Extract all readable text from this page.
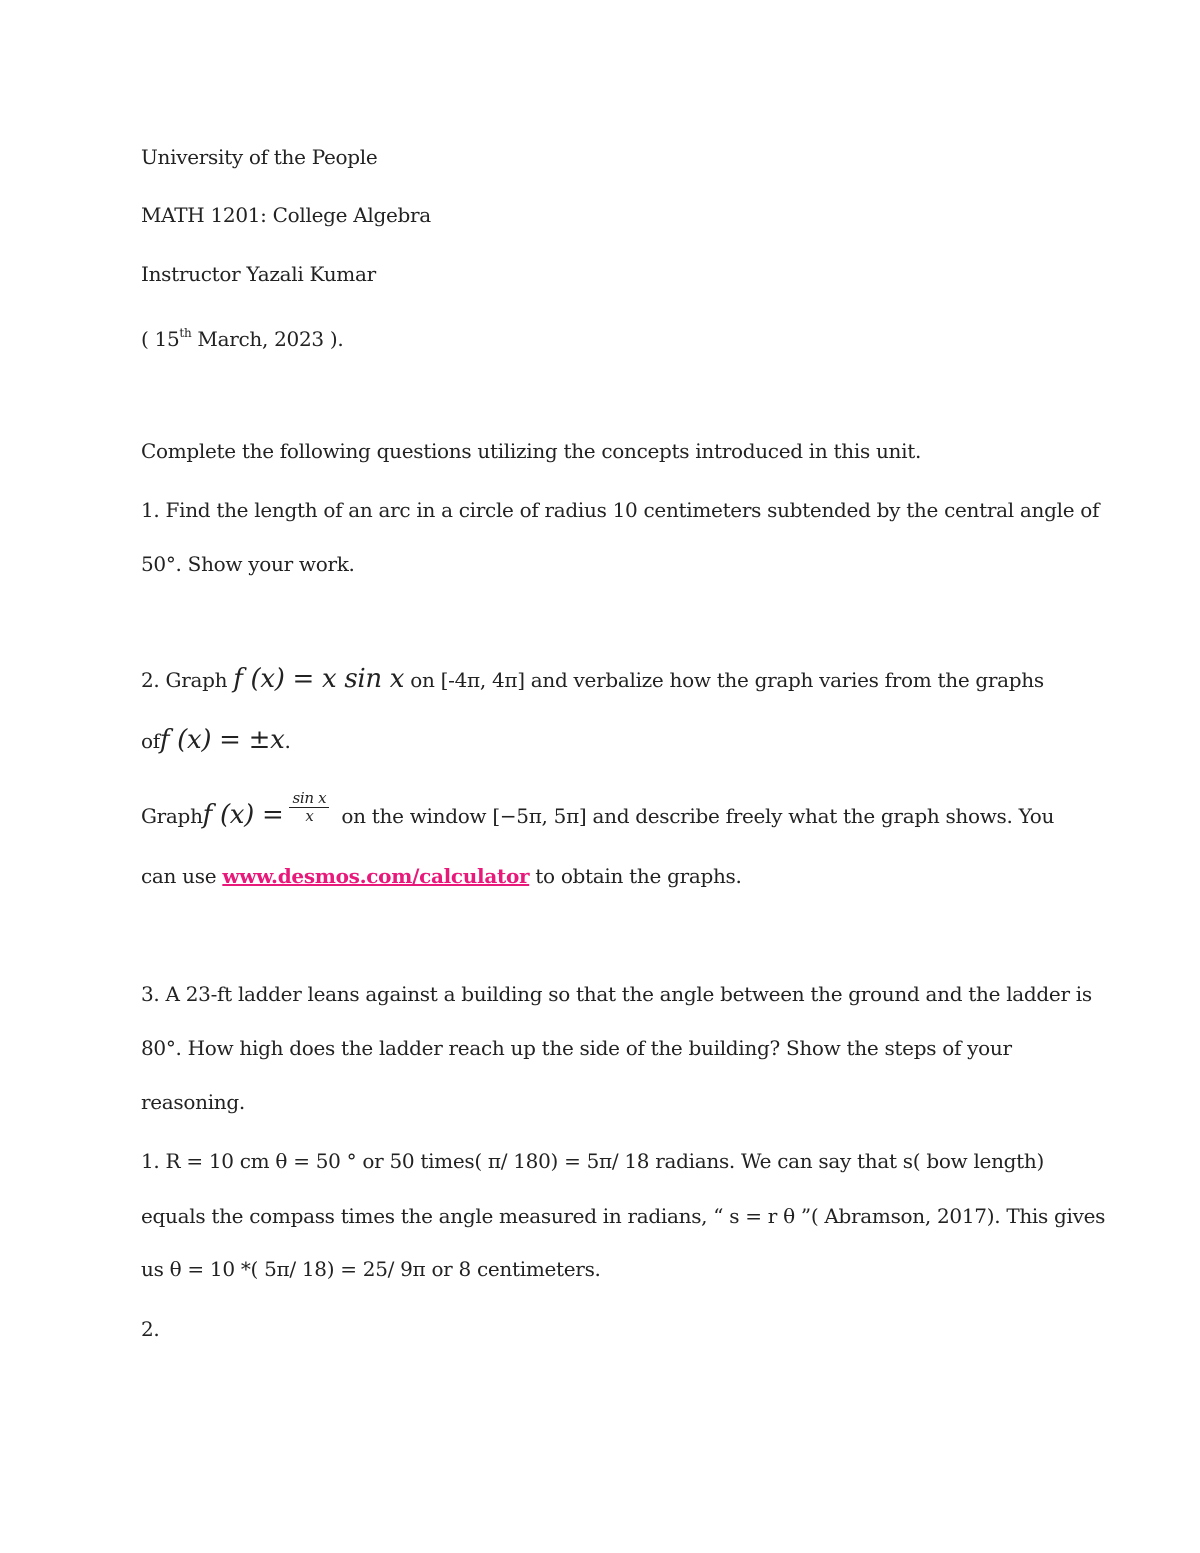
University of the People
MATH 1201: College Algebra
Instructor Yazali Kumar
( 15th March, 2023 ).
Complete the following questions utilizing the concepts introduced in this unit.
1. Find the length of an arc in a circle of radius 10 centimeters subtended by the central angle of
50°. Show your work.
2. Graph f (x) = x sin x on [-4π, 4π] and verbalize how the graph varies from the graphs
off (x) = ±x.
Graphf $(x) = \frac{\text{sin x}}{x}$ on the window [−5π, 5π] and describe freely what the graph shows. You
can use www.desmos.com/calculator to obtain the graphs.
3. A 23-ft ladder leans against a building so that the angle between the ground and the ladder is
80°. How high does the ladder reach up the side of the building? Show the steps of your
reasoning.
1. R = 10 cm θ = 50 ° or 50 times( π/ 180) = 5π/ 18 radians. We can say that s( bow length)
equals the compass times the angle measured in radians, “ s = r θ ”( Abramson, 2017). This gives
us θ = 10 *( 5π/ 18) = 25/ 9π or 8 centimeters.
2.
